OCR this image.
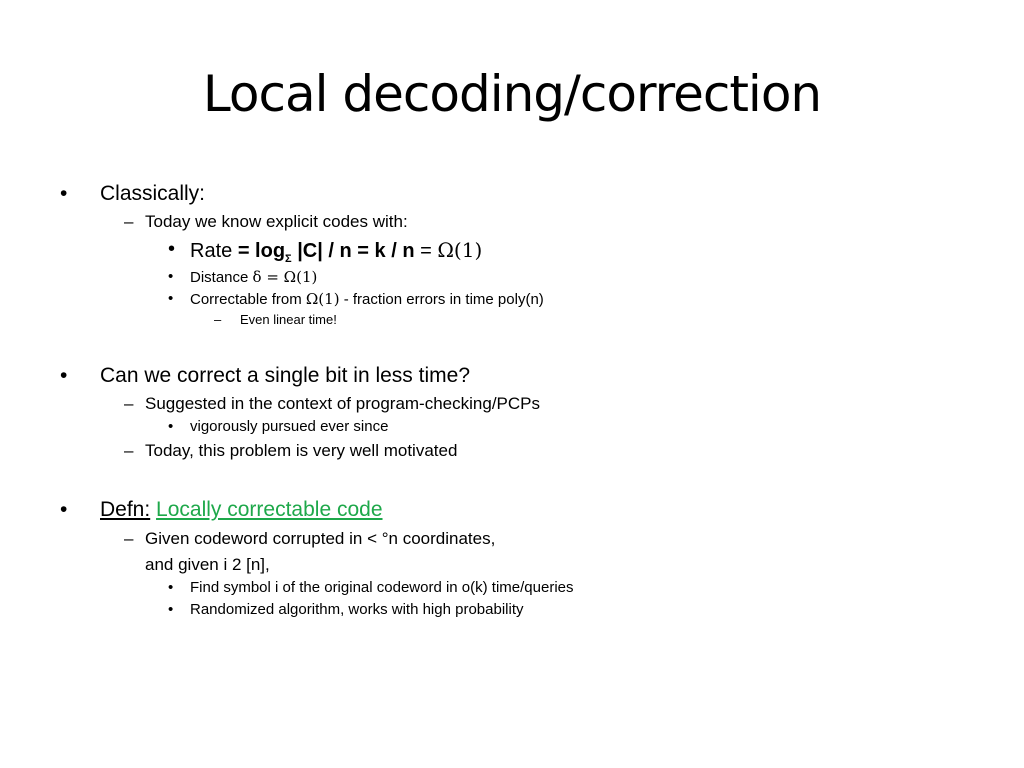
Local decoding/correction
• Classically:
– Today we know explicit codes with:
• Rate = $\log_\Sigma |C| / n = k / n = \Omega(1)$
• Distance δ = Ω(1)
• Correctable from Ω(1) - fraction errors in time poly(n)
– Even linear time!
• Can we correct a single bit in less time?
– Suggested in the context of program-checking/PCPs
• vigorously pursued ever since
– Today, this problem is very well motivated
• Defn: Locally correctable code
– Given codeword corrupted in < °n coordinates,
and given i 2 [n],
• Find symbol i of the original codeword in o(k) time/queries
• Randomized algorithm, works with high probability
